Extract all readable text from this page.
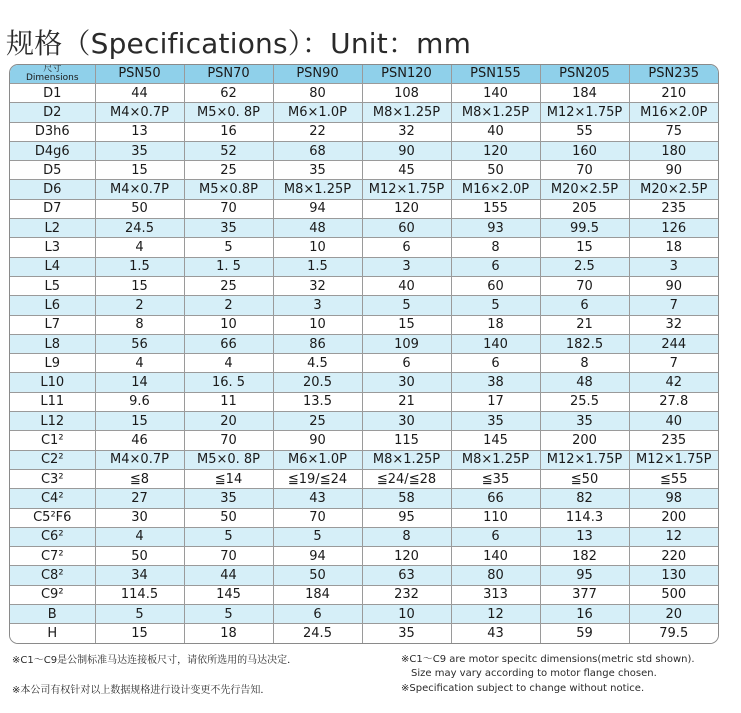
规格（Specifications）：Unit：mm
尺寸
Dimensions	PSN50	PSN70	PSN90	PSN120	PSN155	PSN205	PSN235
D1	44	62	80	108	140	184	210
D2	M4×0.7P	M5×0. 8P	M6×1.0P	M8×1.25P	M8×1.25P	M12×1.75P	M16×2.0P
D3h6	13	16	22	32	40	55	75
D4g6	35	52	68	90	120	160	180
D5	15	25	35	45	50	70	90
D6	M4×0.7P	M5×0.8P	M8×1.25P	M12×1.75P	M16×2.0P	M20×2.5P	M20×2.5P
D7	50	70	94	120	155	205	235
L2	24.5	35	48	60	93	99.5	126
L3	4	5	10	6	8	15	18
L4	1.5	1. 5	1.5	3	6	2.5	3
L5	15	25	32	40	60	70	90
L6	2	2	3	5	5	6	7
L7	8	10	10	15	18	21	32
L8	56	66	86	109	140	182.5	244
L9	4	4	4.5	6	6	8	7
L10	14	16. 5	20.5	30	38	48	42
L11	9.6	11	13.5	21	17	25.5	27.8
L12	15	20	25	30	35	35	40
C1²	46	70	90	115	145	200	235
C2²	M4×0.7P	M5×0. 8P	M6×1.0P	M8×1.25P	M8×1.25P	M12×1.75P	M12×1.75P
C3²	≦8	≦14	≦19/≦24	≦24/≦28	≦35	≦50	≦55
C4²	27	35	43	58	66	82	98
C5²F6	30	50	70	95	110	114.3	200
C6²	4	5	5	8	6	13	12
C7²	50	70	94	120	140	182	220
C8²	34	44	50	63	80	95	130
C9²	114.5	145	184	232	313	377	500
B	5	5	6	10	12	16	20
H	15	18	24.5	35	43	59	79.5
※C1～C9是公制标准马达连接板尺寸，请依所选用的马达决定．
※本公司有权针对以上数据规格进行设计变更不先行告知．
※C1～C9 are motor specitc dimensions(metric std shown).
Size may vary according to motor flange chosen.
※Specification subject to change without notice.
